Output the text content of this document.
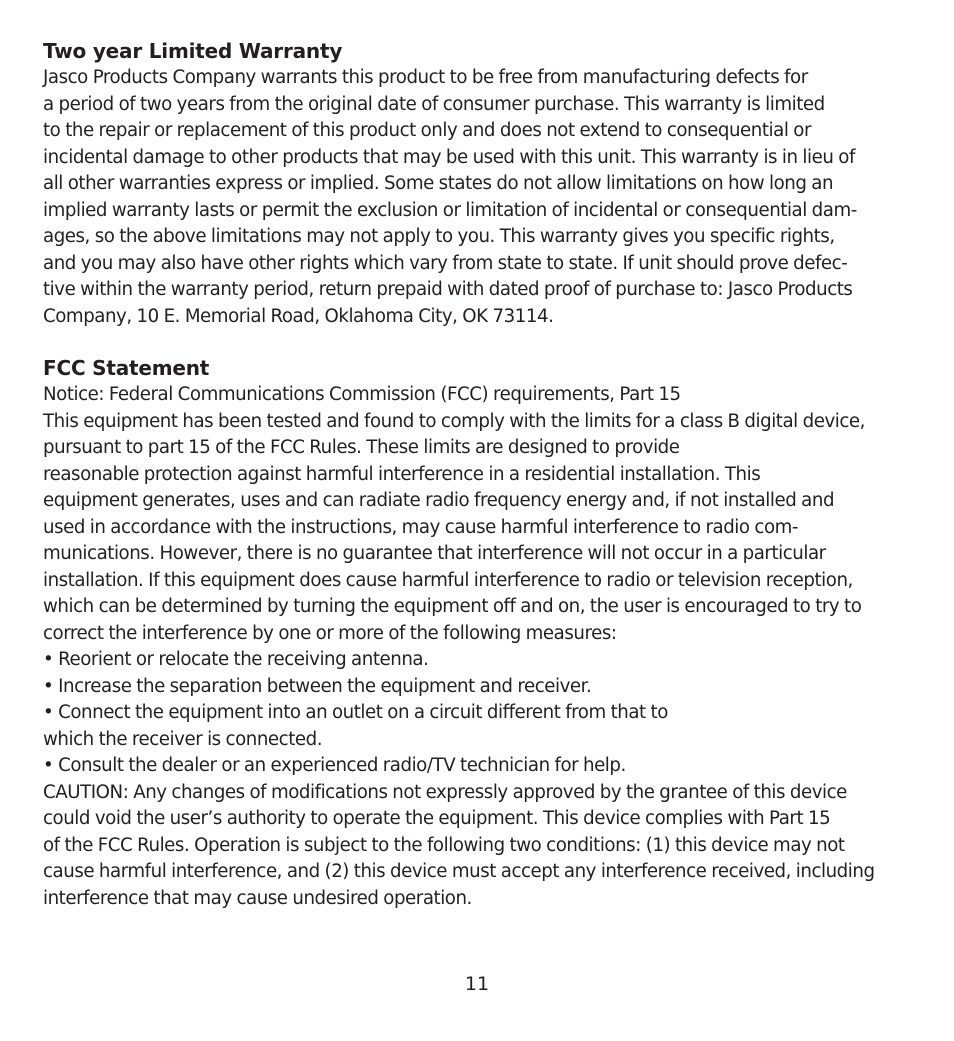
Two year Limited Warranty
Jasco Products Company warrants this product to be free from manufacturing defects for
a period of two years from the original date of consumer purchase. This warranty is limited
to the repair or replacement of this product only and does not extend to consequential or
incidental damage to other products that may be used with this unit. This warranty is in lieu of
all other warranties express or implied. Some states do not allow limitations on how long an
implied warranty lasts or permit the exclusion or limitation of incidental or consequential dam-
ages, so the above limitations may not apply to you. This warranty gives you specific rights,
and you may also have other rights which vary from state to state. If unit should prove defec-
tive within the warranty period, return prepaid with dated proof of purchase to: Jasco Products
Company, 10 E. Memorial Road, Oklahoma City, OK 73114.
FCC Statement
Notice: Federal Communications Commission (FCC) requirements, Part 15
This equipment has been tested and found to comply with the limits for a class B digital device,
pursuant to part 15 of the FCC Rules. These limits are designed to provide
reasonable protection against harmful interference in a residential installation. This
equipment generates, uses and can radiate radio frequency energy and, if not installed and
used in accordance with the instructions, may cause harmful interference to radio com-
munications. However, there is no guarantee that interference will not occur in a particular
installation. If this equipment does cause harmful interference to radio or television reception,
which can be determined by turning the equipment off and on, the user is encouraged to try to
correct the interference by one or more of the following measures:
• Reorient or relocate the receiving antenna.
• Increase the separation between the equipment and receiver.
• Connect the equipment into an outlet on a circuit different from that to
which the receiver is connected.
• Consult the dealer or an experienced radio/TV technician for help.
CAUTION: Any changes of modifications not expressly approved by the grantee of this device
could void the user’s authority to operate the equipment. This device complies with Part 15
of the FCC Rules. Operation is subject to the following two conditions: (1) this device may not
cause harmful interference, and (2) this device must accept any interference received, including
interference that may cause undesired operation.
11
